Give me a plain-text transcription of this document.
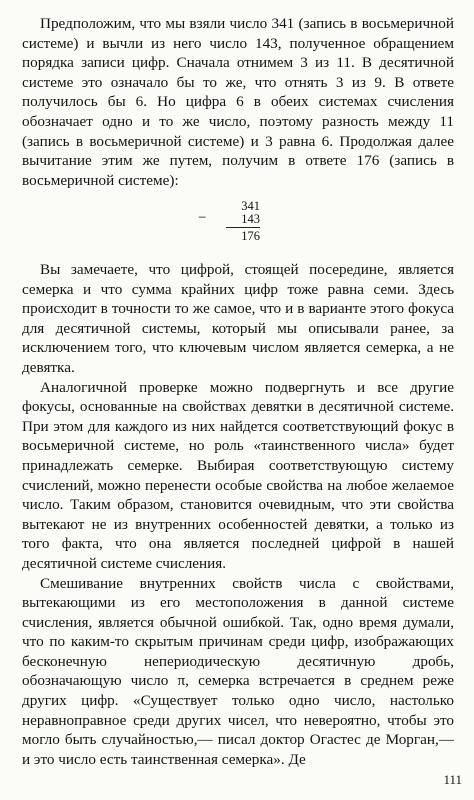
Предположим, что мы взяли число 341 (запись в восьмеричной системе) и вычли из него число 143, полученное обращением порядка записи цифр. Сначала отнимем 3 из 11. В десятичной системе это означало бы то же, что отнять 3 из 9. В ответе получилось бы 6. Но цифра 6 в обеих системах счисления обозначает одно и то же число, поэтому разность между 11 (запись в восьмеричной системе) и 3 равна 6. Продолжая далее вычитание этим же путем, получим в ответе 176 (запись в восьмеричной системе):

−
341
143
176

Вы замечаете, что цифрой, стоящей посередине, является семерка и что сумма крайних цифр тоже равна семи. Здесь происходит в точности то же самое, что и в варианте этого фокуса для десятичной системы, который мы описывали ранее, за исключением того, что ключевым числом является семерка, а не девятка.

Аналогичной проверке можно подвергнуть и все другие фокусы, основанные на свойствах девятки в десятичной системе. При этом для каждого из них найдется соответствующий фокус в восьмеричной системе, но роль «таинственного числа» будет принадлежать семерке. Выбирая соответствующую систему счислений, можно перенести особые свойства на любое желаемое число. Таким образом, становится очевидным, что эти свойства вытекают не из внутренних особенностей девятки, а только из того факта, что она является последней цифрой в нашей десятичной системе счисления.

Смешивание внутренних свойств числа с свойствами, вытекающими из его местоположения в данной системе счисления, является обычной ошибкой. Так, одно время думали, что по каким-то скрытым причинам среди цифр, изображающих бесконечную непериодическую десятичную дробь, обозначающую число π, семерка встречается в среднем реже других цифр. «Существует только одно число, настолько неравноправное среди других чисел, что невероятно, чтобы это могло быть случайностью,— писал доктор Огастес де Морган,— и это число есть таинственная семерка». Де

111
